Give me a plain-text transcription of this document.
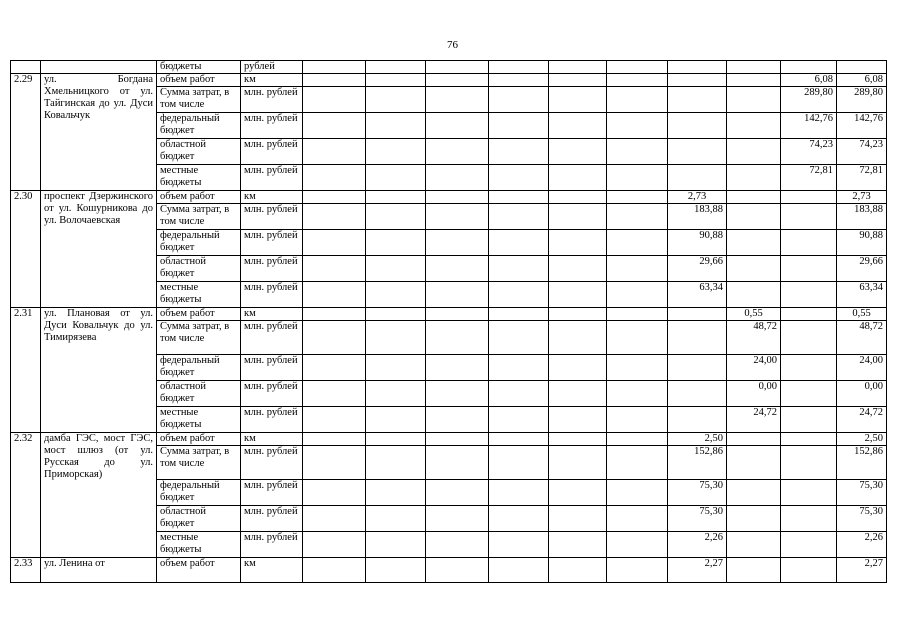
76
		бюджеты	рублей										
2.29	ул. Богдана Хмельницкого от ул. Тайгинская до ул. Дуси Ковальчук	объем работ	км									6,08	6,08
		Сумма затрат, в том числе	млн. рублей									289,80	289,80
		федеральный бюджет	млн. рублей									142,76	142,76
		областной бюджет	млн. рублей									74,23	74,23
		местные бюджеты	млн. рублей									72,81	72,81
2.30	проспект Дзержинского от ул. Кошурникова до ул. Волочаевская	объем работ	км							2,73			2,73
		Сумма затрат, в том числе	млн. рублей							183,88			183,88
		федеральный бюджет	млн. рублей							90,88			90,88
		областной бюджет	млн. рублей							29,66			29,66
		местные бюджеты	млн. рублей							63,34			63,34
2.31	ул. Плановая от ул. Дуси Ковальчук до ул. Тимирязева	объем работ	км								0,55		0,55
		Сумма затрат, в том числе	млн. рублей								48,72		48,72
		федеральный бюджет	млн. рублей								24,00		24,00
		областной бюджет	млн. рублей								0,00		0,00
		местные бюджеты	млн. рублей								24,72		24,72
2.32	дамба ГЭС, мост ГЭС, мост шлюз (от ул. Русская до ул. Приморская)	объем работ	км							2,50			2,50
		Сумма затрат, в том числе	млн. рублей							152,86			152,86
		федеральный бюджет	млн. рублей							75,30			75,30
		областной бюджет	млн. рублей							75,30			75,30
		местные бюджеты	млн. рублей							2,26			2,26
2.33	ул. Ленина от	объем работ	км							2,27			2,27
